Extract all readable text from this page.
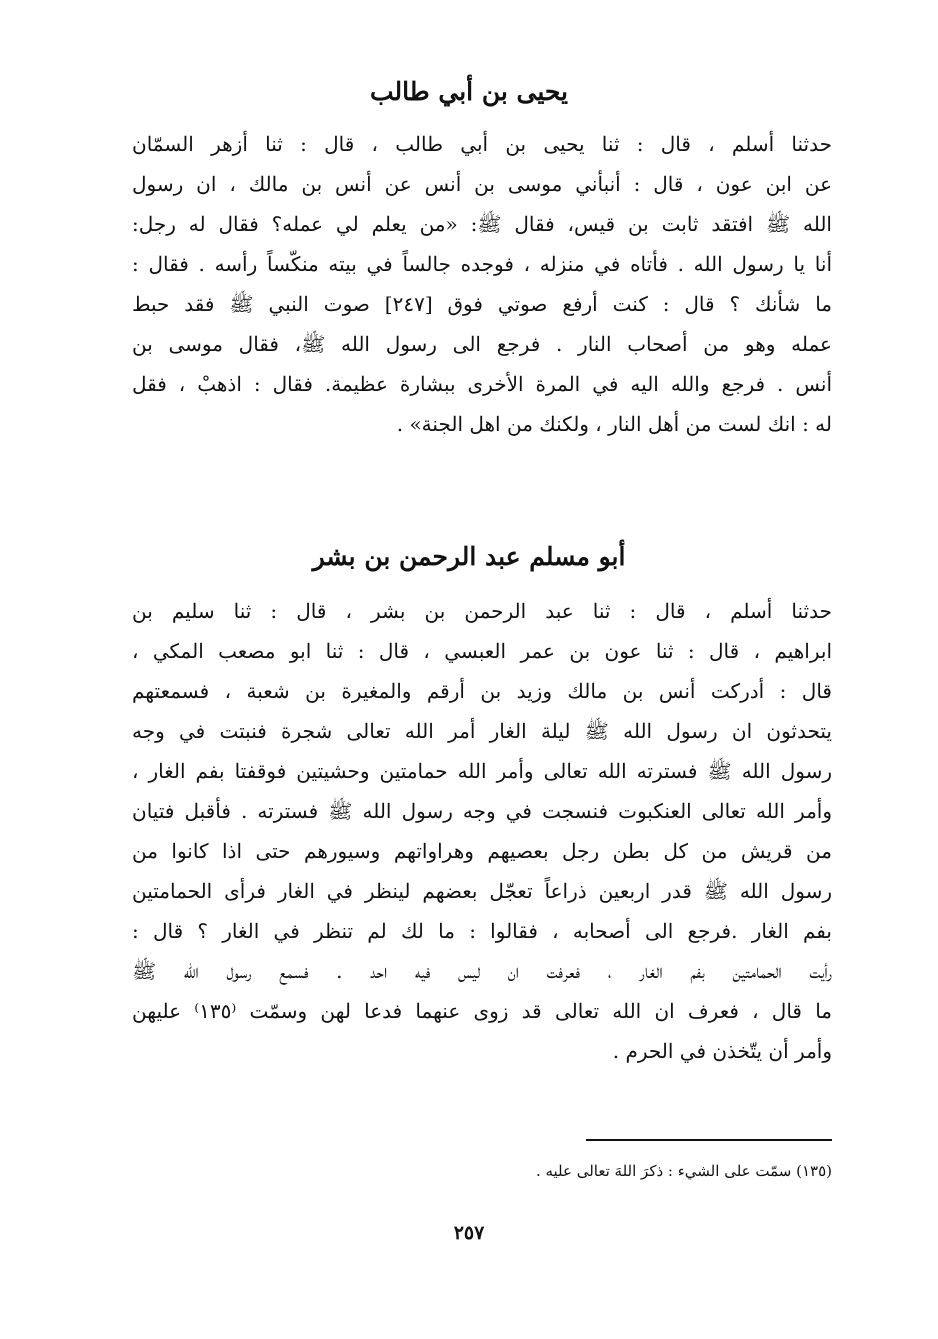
يحيى بن أبي طالب
حدثنا أسلم ، قال : ثنا يحيى بن أبي طالب ، قال : ثنا أزهر السمّان
عن ابن عون ، قال : أنبأني موسى بن أنس عن أنس بن مالك ، ان رسول
الله ﷺ افتقد ثابت بن قيس، فقال ﷺ: «من يعلم لي عمله؟ فقال له رجل:
أنا يا رسول الله . فأتاه في منزله ، فوجده جالساً في بيته منكّساً رأسه . فقال :
ما شأنك ؟ قال : كنت أرفع صوتي فوق [٢٤٧] صوت النبي ﷺ فقد حبط
عمله وهو من أصحاب النار . فرجع الى رسول الله ﷺ، فقال موسى بن
أنس . فرجع والله اليه في المرة الأخرى ببشارة عظيمة. فقال : اذهبْ ، فقل
له : انك لست من أهل النار ، ولكنك من اهل الجنة» .
أبو مسلم عبد الرحمن بن بشر
حدثنا أسلم ، قال : ثنا عبد الرحمن بن بشر ، قال : ثنا سليم بن
ابراهيم ، قال : ثنا عون بن عمر العبسي ، قال : ثنا ابو مصعب المكي ،
قال : أدركت أنس بن مالك وزيد بن أرقم والمغيرة بن شعبة ، فسمعتهم
يتحدثون ان رسول الله ﷺ ليلة الغار أمر الله تعالى شجرة فنبتت في وجه
رسول الله ﷺ فسترته الله تعالى وأمر الله حمامتين وحشيتين فوقفتا بفم الغار ،
وأمر الله تعالى العنكبوت فنسجت في وجه رسول الله ﷺ فسترته . فأقبل فتيان
من قريش من كل بطن رجل بعصيهم وهراواتهم وسيورهم حتى اذا كانوا من
رسول الله ﷺ قدر اربعين ذراعاً تعجّل بعضهم لينظر في الغار فرأى الحمامتين
بفم الغار .فرجع الى أصحابه ، فقالوا : ما لك لم تنظر في الغار ؟ قال :
رأيت الحمامتين بفم الغار ، فعرفت ان ليس فيه احد . فسمع رسول الله ﷺ
ما قال ، فعرف ان الله تعالى قد زوى عنهما فدعا لهن وسمّت ⁽١٣٥⁾ عليهن
وأمر أن يتّخذن في الحرم .
(١٣٥) سمّت على الشيء : ذكرَ اللهَ تعالى عليه .
٢٥٧
